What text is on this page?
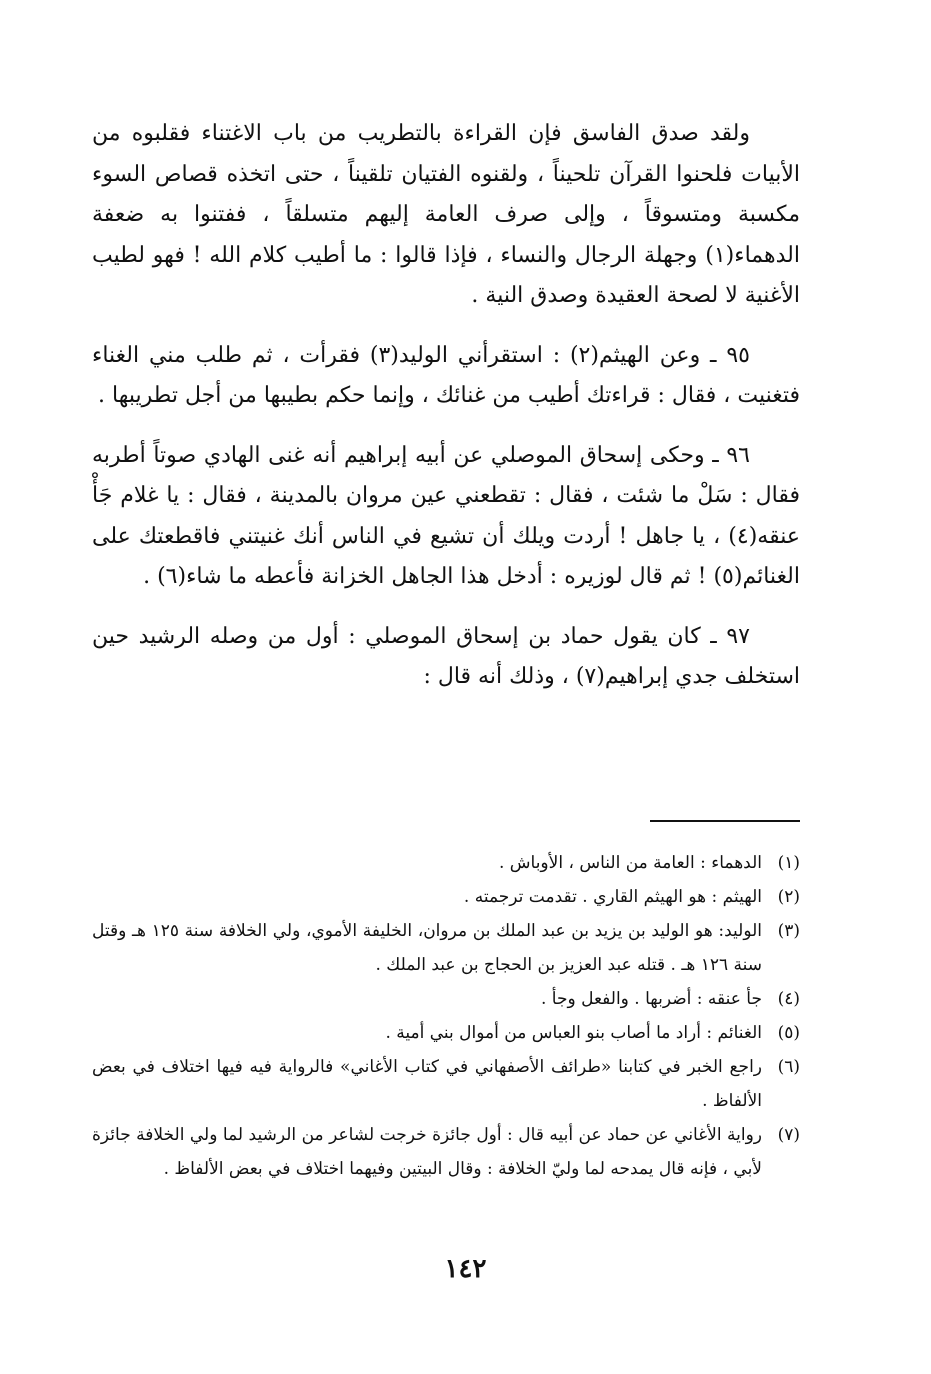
ولقد صدق الفاسق فإن القراءة بالتطريب من باب الاغتناء فقلبوه من الأبيات فلحنوا القرآن تلحيناً ، ولقنوه الفتيان تلقيناً ، حتى اتخذه قصاص السوء مكسبة ومتسوقاً ، وإلى صرف العامة إليهم متسلقاً ، ففتنوا به ضعفة الدهماء(١) وجهلة الرجال والنساء ، فإذا قالوا : ما أطيب كلام الله ! فهو لطيب الأغنية لا لصحة العقيدة وصدق النية .

٩٥ ـ وعن الهيثم(٢) : استقرأني الوليد(٣) فقرأت ، ثم طلب مني الغناء فتغنيت ، فقال : قراءتك أطيب من غنائك ، وإنما حكم بطيبها من أجل تطريبها .

٩٦ ـ وحكى إسحاق الموصلي عن أبيه إبراهيم أنه غنى الهادي صوتاً أطربه فقال : سَلْ ما شئت ، فقال : تقطعني عين مروان بالمدينة ، فقال : يا غلام جَأْ عنقه(٤) ، يا جاهل ! أردت ويلك أن تشيع في الناس أنك غنيتني فاقطعتك على الغنائم(٥) ! ثم قال لوزيره : أدخل هذا الجاهل الخزانة فأعطه ما شاء(٦) .

٩٧ ـ كان يقول حماد بن إسحاق الموصلي : أول من وصله الرشيد حين استخلف جدي إبراهيم(٧) ، وذلك أنه قال :

(١)
الدهماء : العامة من الناس ، الأوباش .
(٢)
الهيثم : هو الهيثم القاري . تقدمت ترجمته .
(٣)
الوليد: هو الوليد بن يزيد بن عبد الملك بن مروان، الخليفة الأموي، ولي الخلافة سنة ١٢٥ هـ وقتل سنة ١٢٦ هـ . قتله عبد العزيز بن الحجاج بن عبد الملك .
(٤)
جأ عنقه : أضربها . والفعل وجأ .
(٥)
الغنائم : أراد ما أصاب بنو العباس من أموال بني أمية .
(٦)
راجع الخبر في كتابنا «طرائف الأصفهاني في كتاب الأغاني» فالرواية فيه فيها اختلاف في بعض الألفاظ .
(٧)
رواية الأغاني عن حماد عن أبيه قال : أول جائزة خرجت لشاعر من الرشيد لما ولي الخلافة جائزة لأبي ، فإنه قال يمدحه لما وليّ الخلافة : وقال البيتين وفيهما اختلاف في بعض الألفاظ .
١٤٢
